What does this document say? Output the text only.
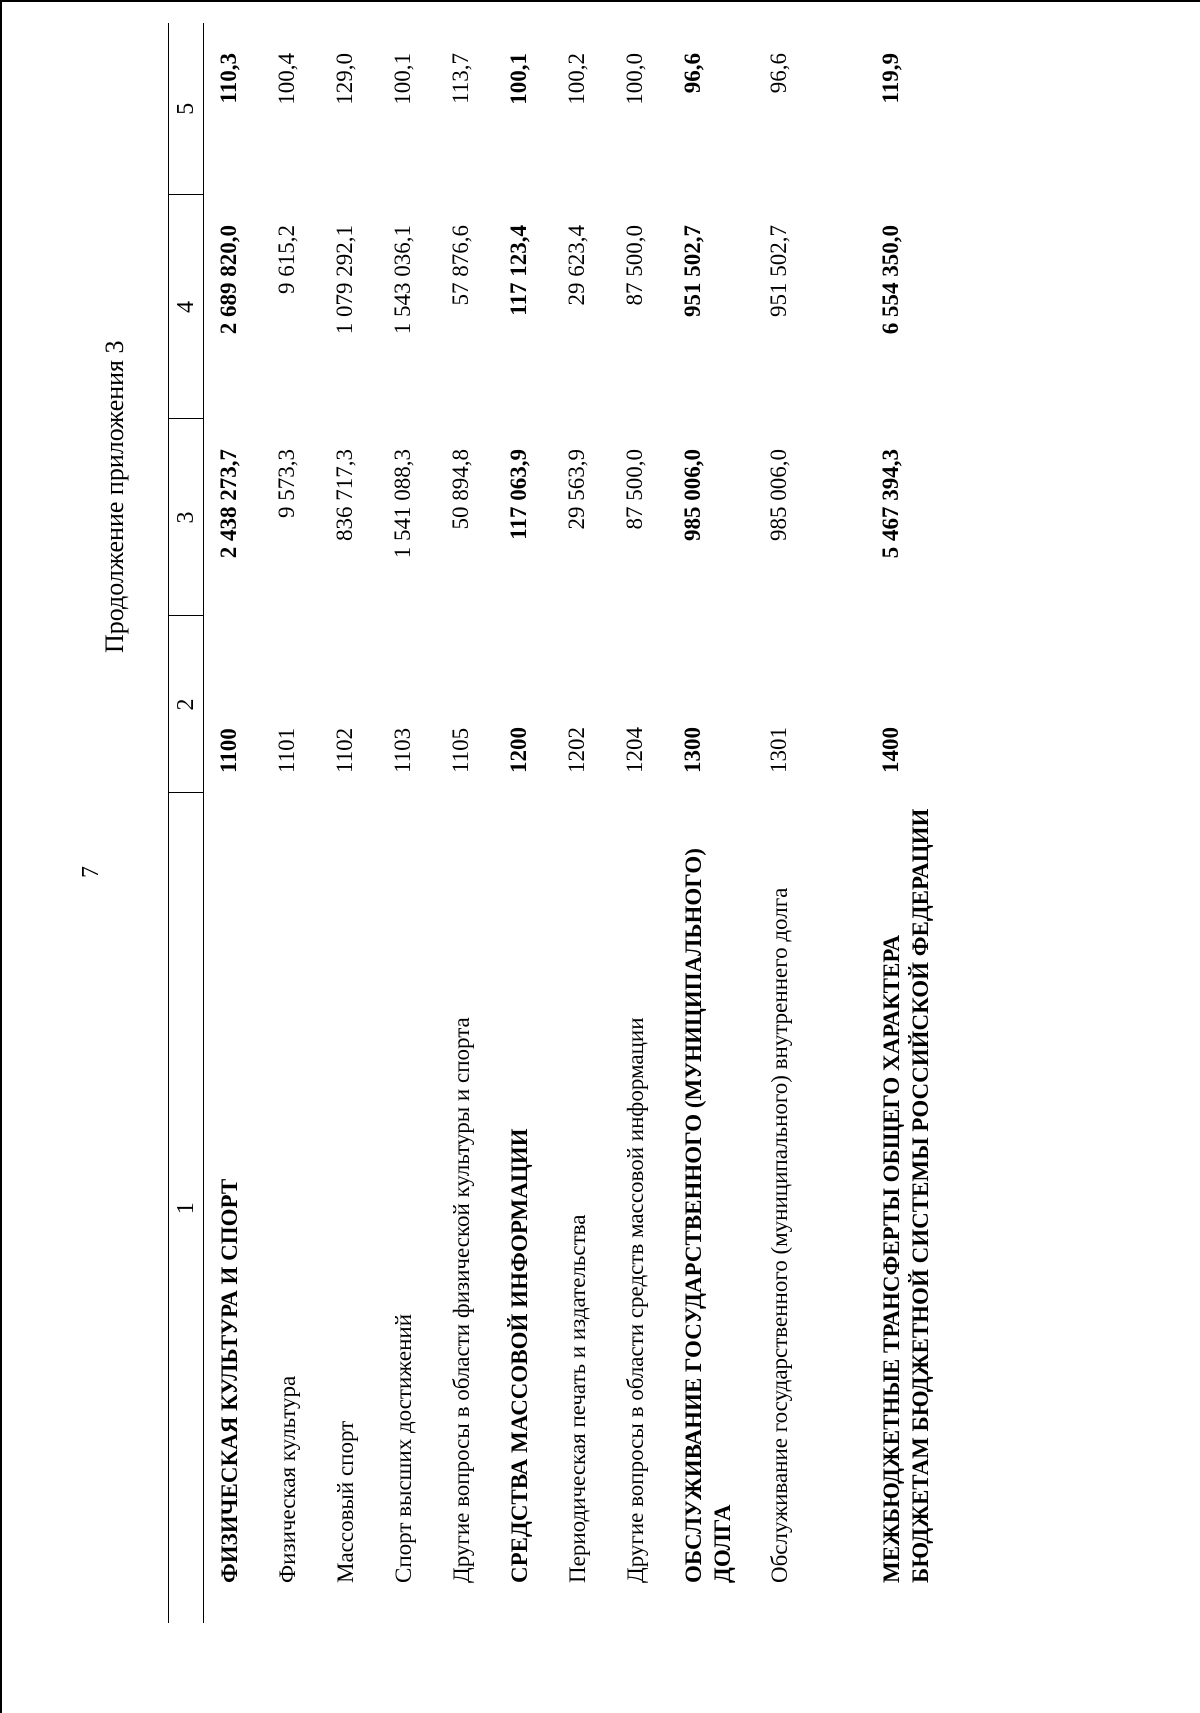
7
Продолжение приложения 3
1	2	3	4	5
ФИЗИЧЕСКАЯ КУЛЬТУРА И СПОРТ	1100	2 438 273,7	2 689 820,0	110,3
Физическая культура	1101	9 573,3	9 615,2	100,4
Массовый спорт	1102	836 717,3	1 079 292,1	129,0
Спорт высших достижений	1103	1 541 088,3	1 543 036,1	100,1
Другие вопросы в области физической культуры и спорта	1105	50 894,8	57 876,6	113,7
СРЕДСТВА МАССОВОЙ ИНФОРМАЦИИ	1200	117 063,9	117 123,4	100,1
Периодическая печать и издательства	1202	29 563,9	29 623,4	100,2
Другие вопросы в области средств массовой информации	1204	87 500,0	87 500,0	100,0
ОБСЛУЖИВАНИЕ ГОСУДАРСТВЕННОГО (МУНИЦИПАЛЬНОГО) ДОЛГА	1300	985 006,0	951 502,7	96,6
Обслуживание государственного (муниципального) внутреннего долга	1301	985 006,0	951 502,7	96,6
МЕЖБЮДЖЕТНЫЕ ТРАНСФЕРТЫ ОБЩЕГО ХАРАКТЕРА БЮДЖЕТАМ БЮДЖЕТНОЙ СИСТЕМЫ РОССИЙСКОЙ ФЕДЕРАЦИИ	1400	5 467 394,3	6 554 350,0	119,9
